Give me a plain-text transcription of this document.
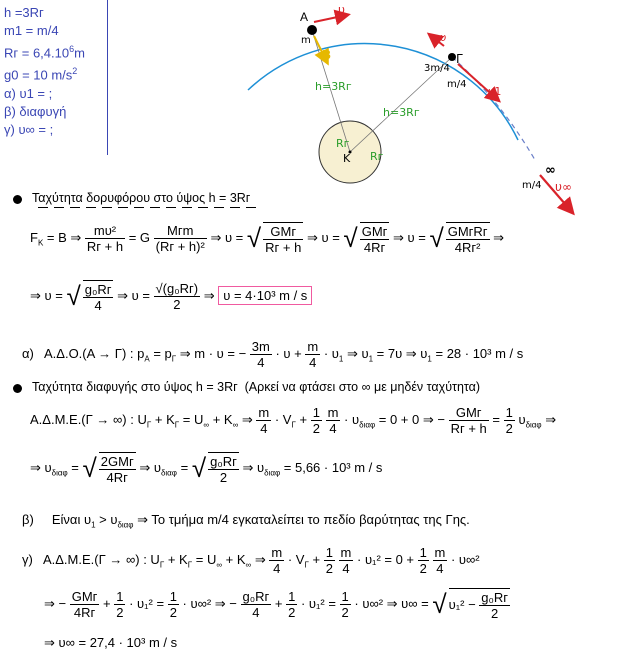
h =3Rг
m1 = m/4
Rг = $6,4.10^6m$
g0 = 10 $m/s^2$
α) υ1 = ;
β) διαφυγή
γ) υ∞ = ;
A
m
υ
B
h=3Rг
h=3Rг
Rг
Rг
K
υ
Г
3m/4
m/4
υ1
∞
m/4 υ∞
Ταχύτητα δορυφόρου στο ύψος h = 3Rг
$F_K = B$ ⇒ $\frac{\text{mυ²}}{Rг + h} = G \frac{\text{Mгm}}{\text{(Rг + h)²}}$ ⇒ υ = √ $\frac{\text{GMг}}{Rг + h}$ ⇒ υ = √ $\frac{\text{GMг}}{4Rг}$ ⇒ υ = √ $\frac{\text{GMгRг}}{\text{4Rг²}}$ ⇒
⇒ υ = √ $\frac{\text{g₀Rг}}{4}$ ⇒ $\upsilon = \frac{\text{√(g₀Rг)}}{2}$ ⇒ υ = 4·10³ m / s
α) Α.Δ.Ο.(Α → Γ) : $p_A = p_\Gamma$ ⇒ m · υ = − $\frac{3m}{4} \cdot \upsilon + \frac{m}{4} \cdot \upsilon_1$ ⇒ $\upsilon_1 = 7\upsilon$ ⇒ $\upsilon_1 = 28 \cdot 10^3$ m / s
Ταχύτητα διαφυγής στο ύψος h = 3Rг (Αρκεί να φτάσει στο ∞ με μηδέν ταχύτητα)
Α.Δ.Μ.Ε.(Γ → ∞) : $U_\Gamma + K_\Gamma = U_\infty + K_\infty$ ⇒ $\frac{m}{4} \cdot V_\Gamma + \frac{1}{2}$
$\frac{m}{4} \cdot \upsilon_{\delta\iota\alpha\varphi} = 0 + 0$ ⇒ − $\frac{\text{GMг}}{Rг + h} = \frac{1}{2} \upsilon_{\delta\iota\alpha\varphi}$ ⇒
⇒ $\upsilon_{\delta\iota\alpha\varphi}$ = √ $\frac{\text{2GMг}}{4Rг}$ ⇒ $\upsilon_{\delta\iota\alpha\varphi}$ = √ $\frac{\text{g₀Rг}}{2}$ ⇒ $\upsilon_{\delta\iota\alpha\varphi} = 5,66 \cdot 10^3$ m / s
β) Είναι $\upsilon_1 > \upsilon_{\delta\iota\alpha\varphi}$ ⇒ Το τμήμα m/4 εγκαταλείπει το πεδίο βαρύτητας της Γης.
γ) Α.Δ.Μ.Ε.(Γ → ∞) : $U_\Gamma + K_\Gamma = U_\infty + K_\infty$ ⇒ $\frac{m}{4} \cdot V_\Gamma + \frac{1}{2}$
$\frac{m}{4} \cdot \upsilon_1^2 = 0 + \frac{1}{2}$
$\frac{m}{4} \cdot \upsilon\infty^2$
⇒ − $\frac{\text{GMг}}{4Rг} + \frac{1}{2} \cdot \upsilon_1^2 = \frac{1}{2} \cdot \upsilon\infty^2$ ⇒ − $\frac{\text{g₀Rг}}{4} + \frac{1}{2} \cdot \upsilon_1^2 = \frac{1}{2} \cdot \upsilon\infty^2$ ⇒ υ∞ = √ $\upsilon_1^2 - \frac{\text{g₀Rг}}{2}$
⇒ υ∞ = 27,4 · 10³ m / s
